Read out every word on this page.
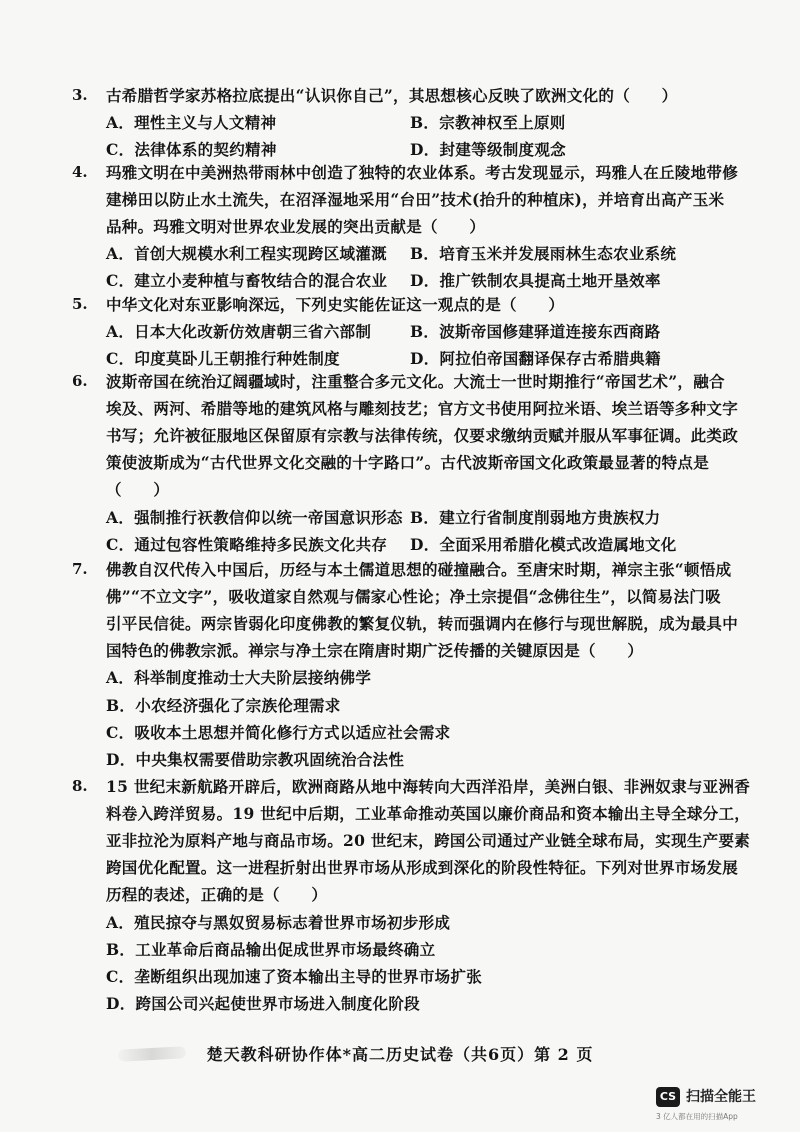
3. 古希腊哲学家苏格拉底提出“认识你自己”，其思想核心反映了欧洲文化的（　　）
A．理性主义与人文精神	B．宗教神权至上原则
C．法律体系的契约精神	D．封建等级制度观念
4. 玛雅文明在中美洲热带雨林中创造了独特的农业体系。考古发现显示，玛雅人在丘陵地带修
建梯田以防止水土流失，在沼泽湿地采用“台田”技术(抬升的种植床)，并培育出高产玉米
品种。玛雅文明对世界农业发展的突出贡献是（　　）
A．首创大规模水利工程实现跨区域灌溉 B．培育玉米并发展雨林生态农业系统
C．建立小麦种植与畜牧结合的混合农业 D．推广铁制农具提高土地开垦效率
5. 中华文化对东亚影响深远，下列史实能佐证这一观点的是（　　）
A．日本大化改新仿效唐朝三省六部制	B．波斯帝国修建驿道连接东西商路
C．印度莫卧儿王朝推行种姓制度	D．阿拉伯帝国翻译保存古希腊典籍
6. 波斯帝国在统治辽阔疆域时，注重整合多元文化。大流士一世时期推行“帝国艺术”，融合
埃及、两河、希腊等地的建筑风格与雕刻技艺；官方文书使用阿拉米语、埃兰语等多种文字
书写；允许被征服地区保留原有宗教与法律传统，仅要求缴纳贡赋并服从军事征调。此类政
策使波斯成为“古代世界文化交融的十字路口”。古代波斯帝国文化政策最显著的特点是
（　　）
A．强制推行祆教信仰以统一帝国意识形态 B．建立行省制度削弱地方贵族权力
C．通过包容性策略维持多民族文化共存 D．全面采用希腊化模式改造属地文化
7. 佛教自汉代传入中国后，历经与本土儒道思想的碰撞融合。至唐宋时期，禅宗主张“顿悟成
佛”“不立文字”，吸收道家自然观与儒家心性论；净土宗提倡“念佛往生”，以简易法门吸
引平民信徒。两宗皆弱化印度佛教的繁复仪轨，转而强调内在修行与现世解脱，成为最具中
国特色的佛教宗派。禅宗与净土宗在隋唐时期广泛传播的关键原因是（　　）
A．科举制度推动士大夫阶层接纳佛学
B．小农经济强化了宗族伦理需求
C．吸收本土思想并简化修行方式以适应社会需求
D．中央集权需要借助宗教巩固统治合法性
8. 15 世纪末新航路开辟后，欧洲商路从地中海转向大西洋沿岸，美洲白银、非洲奴隶与亚洲香
料卷入跨洋贸易。19 世纪中后期，工业革命推动英国以廉价商品和资本输出主导全球分工，
亚非拉沦为原料产地与商品市场。20 世纪末，跨国公司通过产业链全球布局，实现生产要素
跨国优化配置。这一进程折射出世界市场从形成到深化的阶段性特征。下列对世界市场发展
历程的表述，正确的是（　　）
A．殖民掠夺与黑奴贸易标志着世界市场初步形成
B．工业革命后商品输出促成世界市场最终确立
C．垄断组织出现加速了资本输出主导的世界市场扩张
D．跨国公司兴起使世界市场进入制度化阶段
楚天教科研协作体*高二历史试卷（共6页）第 2 页
CS 扫描全能王
3 亿人都在用的扫描App
